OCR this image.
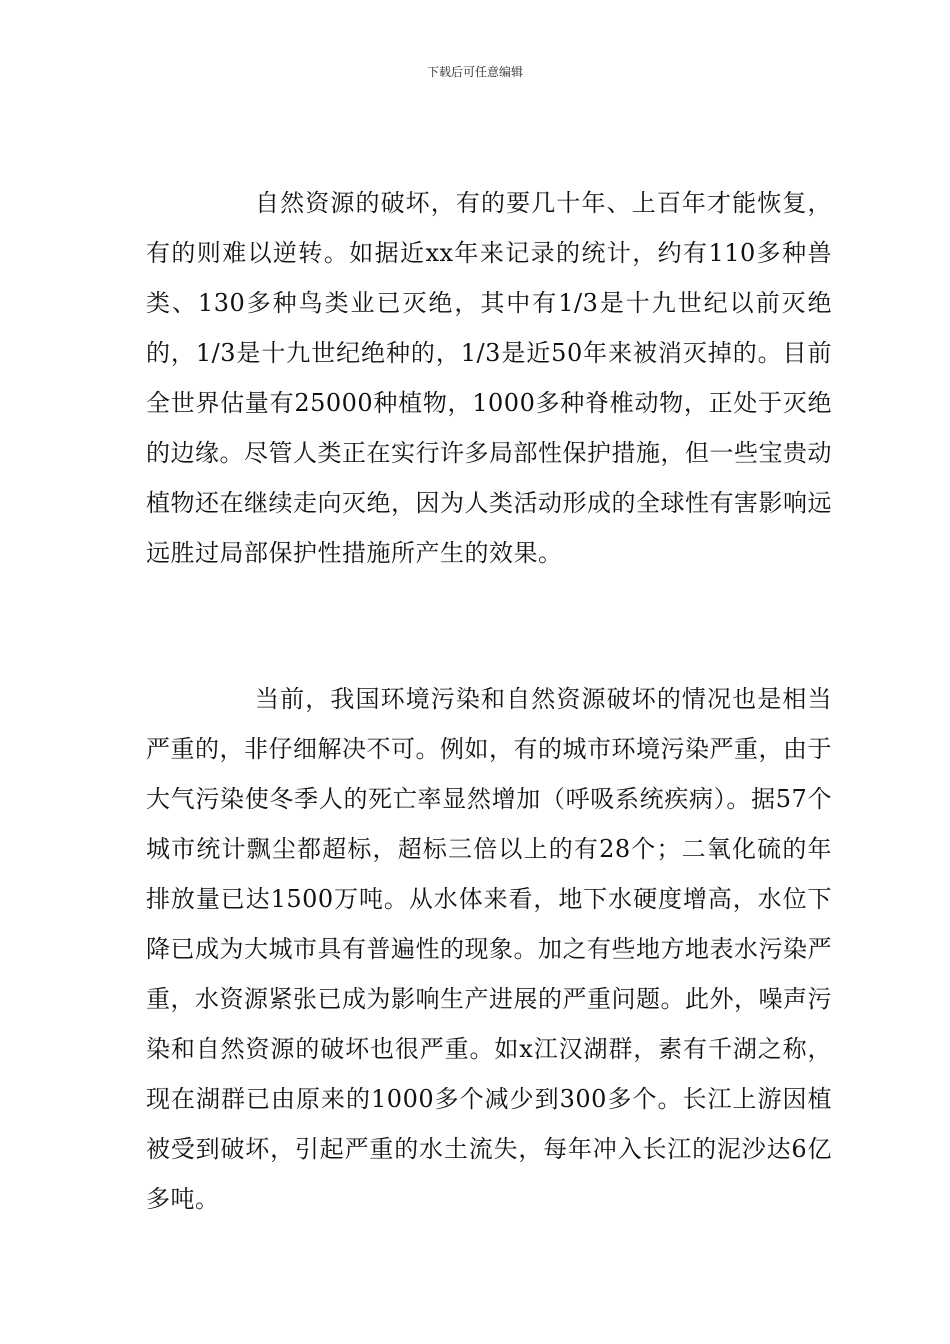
下载后可任意编辑

自然资源的破坏，有的要几十年、上百年才能恢复，有的则难以逆转。如据近xx年来记录的统计，约有110多种兽类、130多种鸟类业已灭绝，其中有1/3是十九世纪以前灭绝的，1/3是十九世纪绝种的，1/3是近50年来被消灭掉的。目前全世界估量有25000种植物，1000多种脊椎动物，正处于灭绝的边缘。尽管人类正在实行许多局部性保护措施，但一些宝贵动植物还在继续走向灭绝，因为人类活动形成的全球性有害影响远远胜过局部保护性措施所产生的效果。

当前，我国环境污染和自然资源破坏的情况也是相当严重的，非仔细解决不可。例如，有的城市环境污染严重，由于大气污染使冬季人的死亡率显然增加（呼吸系统疾病）。据57个城市统计飘尘都超标，超标三倍以上的有28个；二氧化硫的年排放量已达1500万吨。从水体来看，地下水硬度增高，水位下降已成为大城市具有普遍性的现象。加之有些地方地表水污染严重，水资源紧张已成为影响生产进展的严重问题。此外，噪声污染和自然资源的破坏也很严重。如x江汉湖群，素有千湖之称，现在湖群已由原来的1000多个减少到300多个。长江上游因植被受到破坏，引起严重的水土流失，每年冲入长江的泥沙达6亿多吨。
